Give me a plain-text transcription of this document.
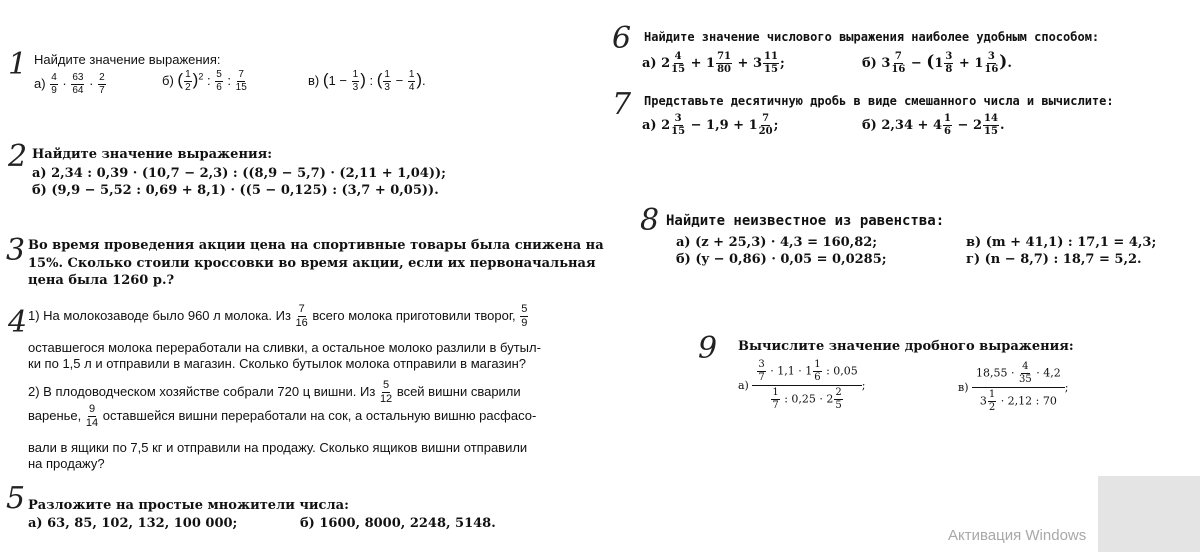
1
2
3
4
5
6
7
8
9
Найдите значение выражения:
$а) \frac{4}{9} \cdot \frac{63}{64} \cdot \frac{2}{7}$	б) ( $\frac{1}{2} )^2$ : $\frac{5}{6}$ : $\frac{7}{15}$	в) ($1 - \frac{1}{3}$ ) : ( $\frac{1}{3} - \frac{1}{4}$ ).
Найдите значение выражения:
а) 2,34 : 0,39 · (10,7 − 2,3) : ((8,9 − 5,7) · (2,11 + 1,04));
б) (9,9 − 5,52 : 0,69 + 8,1) · ((5 − 0,125) : (3,7 + 0,05)).
Во время проведения акции цена на спортивные товары была снижена на
15%. Сколько стоили кроссовки во время акции, если их первоначальная
цена была 1260 р.?
1) На молокозаводе было 960 л молока. Из $\frac{7}{16}$ всего молока приготовили творог, $\frac{5}{9}$
оставшегося молока переработали на сливки, а остальное молоко разлили в бутыл-
ки по 1,5 л и отправили в магазин. Сколько бутылок молока отправили в магазин?
2) В плодоводческом хозяйстве собрали 720 ц вишни. Из $\frac{5}{12}$ всей вишни сварили
варенье, $\frac{9}{14}$ оставшейся вишни переработали на сок, а остальную вишню расфасо-
вали в ящики по 7,5 кг и отправили на продажу. Сколько ящиков вишни отправили
на продажу?
Разложите на простые множители числа:
а) 63, 85, 102, 132, 100 000;	б) 1600, 8000, 2248, 5148.
Найдите значение числового выражения наиболее удобным способом:
а) $2 \frac{4}{15} + 1 \frac{71}{80} + 3 \frac{11}{15}$ ;	б) $3 \frac{7}{16} - (1 \frac{3}{8} + 1 \frac{3}{16}$ ).
Представьте десятичную дробь в виде смешанного числа и вычислите:
а) $2 \frac{3}{15} - 1,9 + 1 \frac{7}{20}$ ;	б) $2,34 + 4 \frac{1}{6} - 2 \frac{14}{15}$ .
Найдите неизвестное из равенства:
а) (z + 25,3) · 4,3 = 160,82;
б) (y − 0,86) · 0,05 = 0,0285;
в) (m + 41,1) : 17,1 = 4,3;
г) (n − 8,7) : 18,7 = 5,2.
Вычислите значение дробного выражения:
$а) \frac{\frac{3}{7} \cdot 1,1 \cdot 1 \frac{1}{6} : 0,05}{\frac{1}{7} : 0,25 \cdot 2 \frac{2}{5}}$ ;	$в) \frac{18,55 \cdot \frac{4}{35} \cdot 4,2}{3 \frac{1}{2} \cdot 2,12 : 70}$ ;
Активация Windows
